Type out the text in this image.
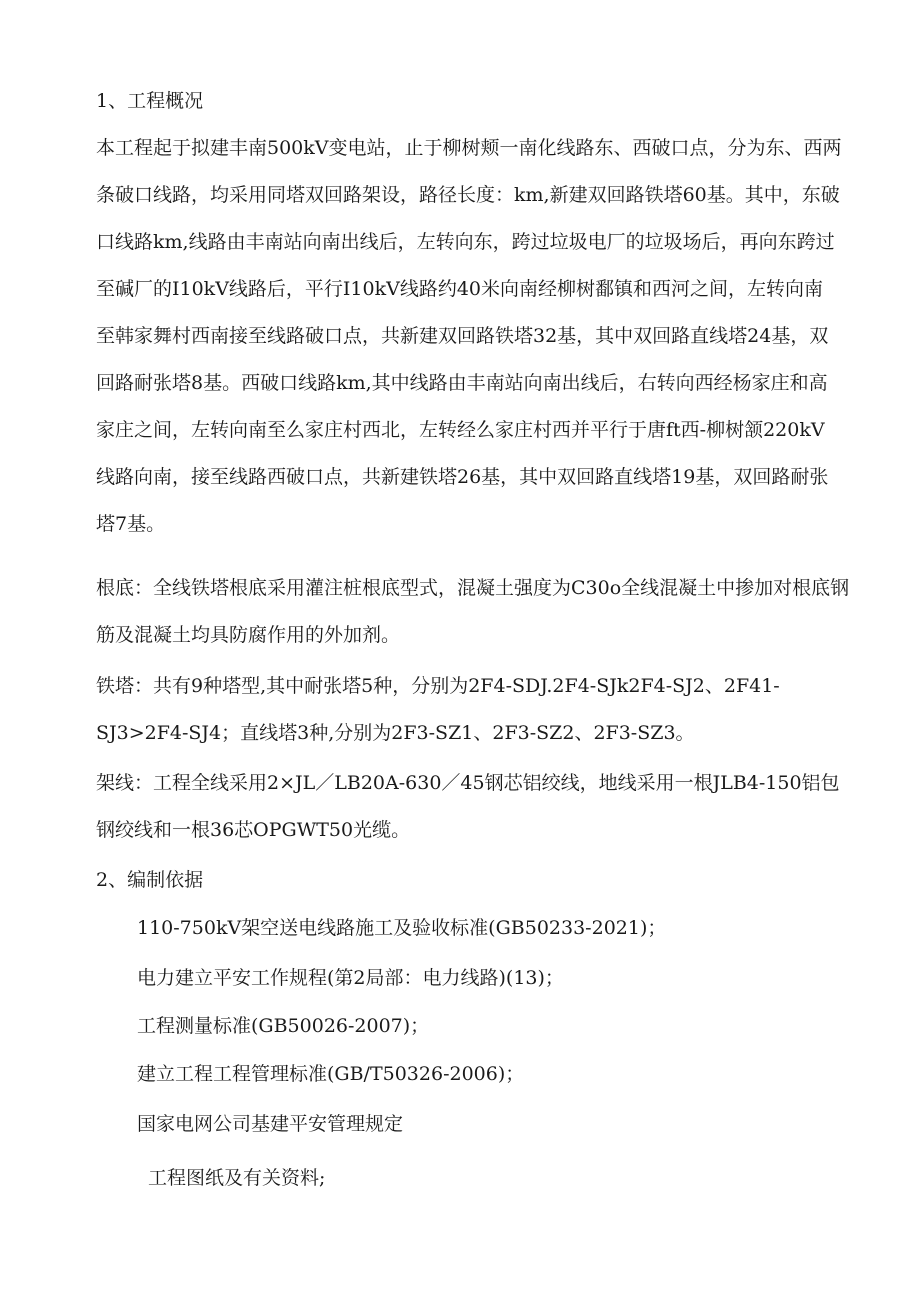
1、工程概况
本工程起于拟建丰南500kV变电站，止于柳树颊一南化线路东、西破口点，分为东、西两
条破口线路，均采用同塔双回路架设，路径长度：km,新建双回路铁塔60基。其中，东破
口线路km,线路由丰南站向南出线后，左转向东，跨过垃圾电厂的垃圾场后，再向东跨过
至碱厂的I10kV线路后，平行I10kV线路约40米向南经柳树鄱镇和西河之间，左转向南
至韩家舞村西南接至线路破口点，共新建双回路铁塔32基，其中双回路直线塔24基，双
回路耐张塔8基。西破口线路km,其中线路由丰南站向南出线后，右转向西经杨家庄和高
家庄之间，左转向南至么家庄村西北，左转经么家庄村西并平行于唐ft西-柳树颔220kV
线路向南，接至线路西破口点，共新建铁塔26基，其中双回路直线塔19基，双回路耐张
塔7基。
根底：全线铁塔根底采用灌注桩根底型式，混凝土强度为C30o全线混凝土中掺加对根底钢
筋及混凝土均具防腐作用的外加剂。
铁塔：共有9种塔型,其中耐张塔5种，分别为2F4-SDJ.2F4-SJk2F4-SJ2、2F41-
SJ3>2F4-SJ4；直线塔3种,分别为2F3-SZ1、2F3-SZ2、2F3-SZ3。
架线：工程全线采用2×JL／LB20A-630／45钢芯铝绞线，地线采用一根JLB4-150铝包
钢绞线和一根36芯OPGWT50光缆。
2、编制依据
110-750kV架空送电线路施工及验收标准(GB50233-2021)；
电力建立平安工作规程(第2局部：电力线路)(13)；
工程测量标准(GB50026-2007)；
建立工程工程管理标准(GB/T50326-2006)；
国家电网公司基建平安管理规定
工程图纸及有关资料;
